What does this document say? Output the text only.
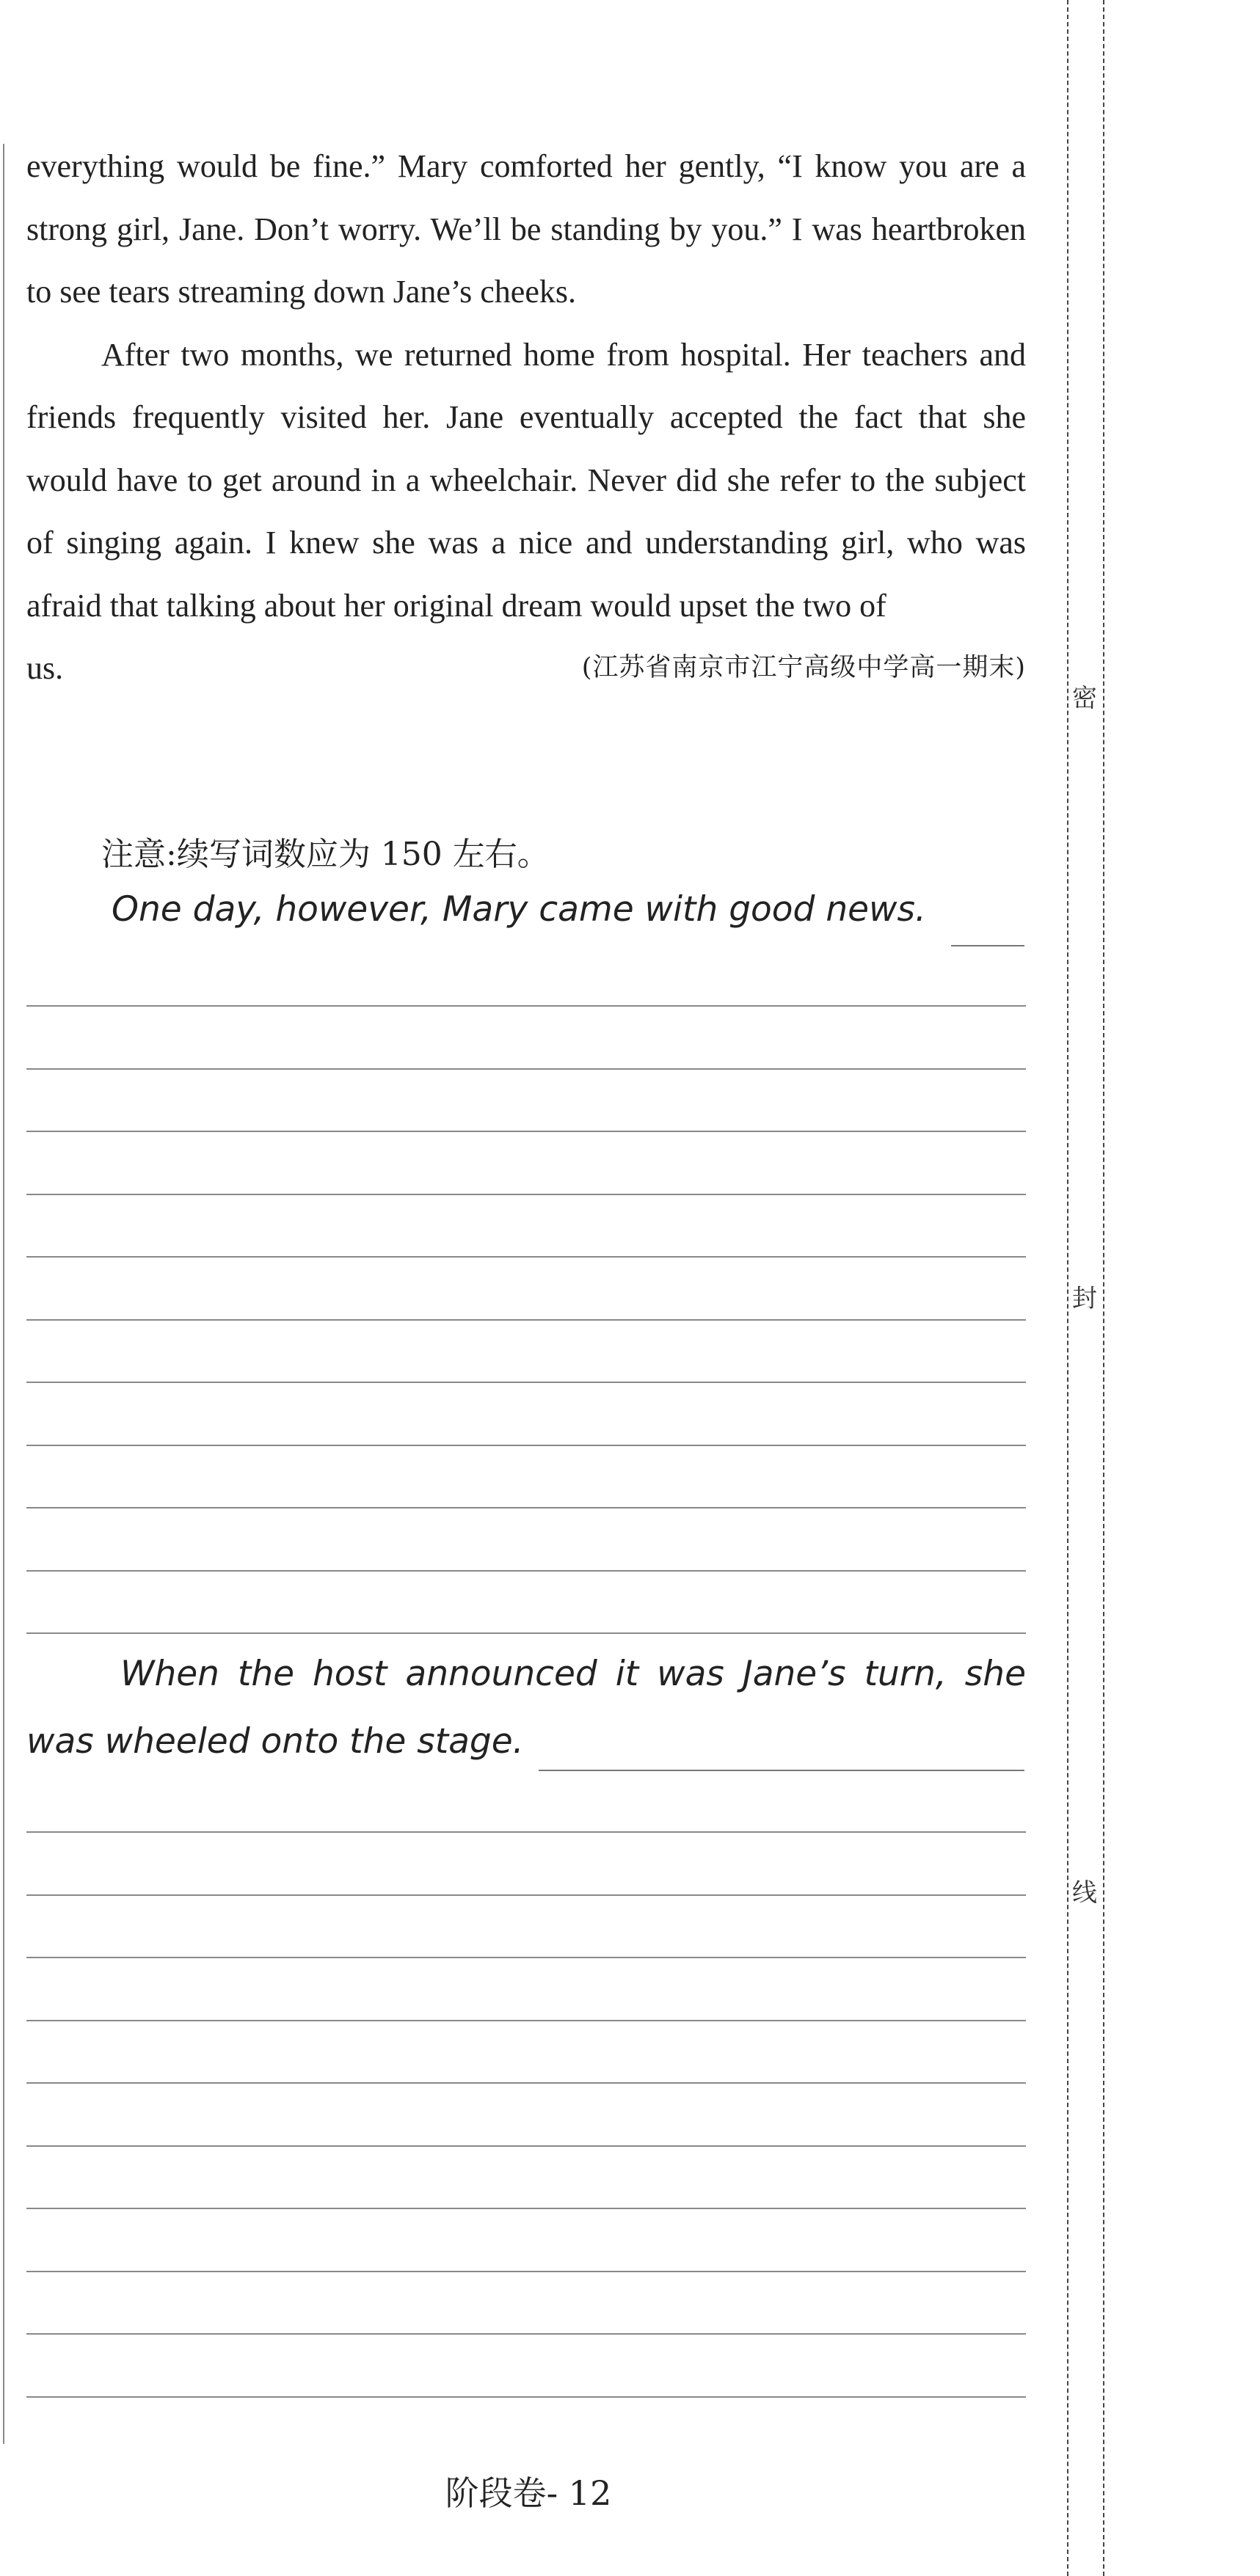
密
封
线

everything would be fine.” Mary comforted her gently, “I know you are a strong girl, Jane. Don’t worry. We’ll be standing by you.” I was heartbroken to see tears streaming down Jane’s cheeks.

After two months, we returned home from hospital. Her teachers and friends frequently visited her. Jane eventually accepted the fact that she would have to get around in a wheelchair. Never did she refer to the subject of singing again. I knew she was a nice and understanding girl, who was afraid that talking about her original dream would upset the two of

us.	(江苏省南京市江宁高级中学高一期末)
注意:续写词数应为 150 左右。
One day, however, Mary came with good news.
When the host announced it was Jane’s turn, she
was wheeled onto the stage.
阶段卷- 12
